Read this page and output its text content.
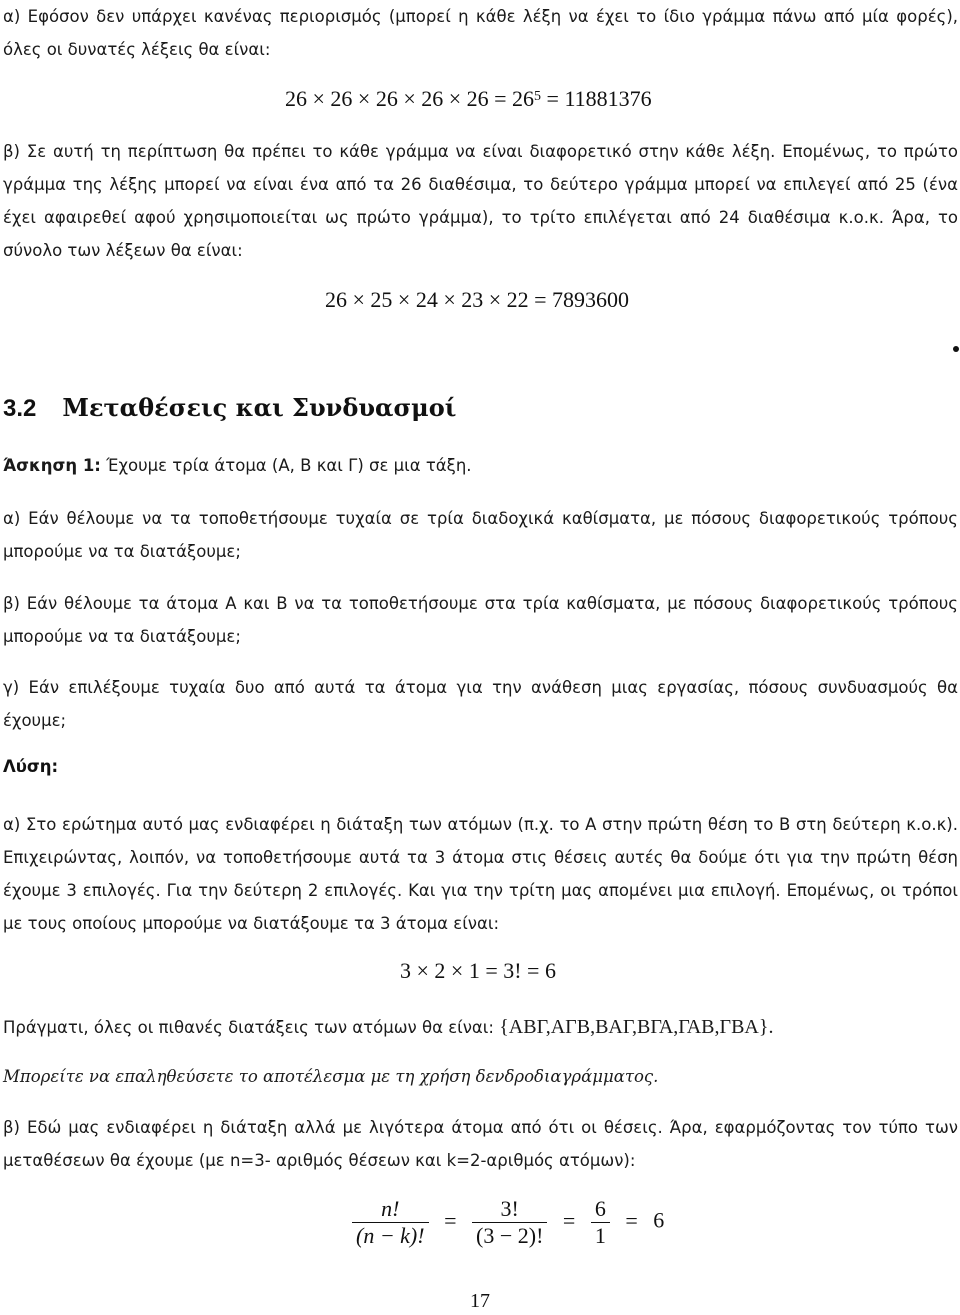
α) Εφόσον δεν υπάρχει κανένας περιορισμός (μπορεί η κάθε λέξη να έχει το ίδιο γράμμα πάνω από μία φορές), όλες οι δυνατές λέξεις θα είναι:

$26 \times 26 \times 26 \times 26 \times 26 = 26^5 = 11881376$

β) Σε αυτή τη περίπτωση θα πρέπει το κάθε γράμμα να είναι διαφορετικό στην κάθε λέξη. Επομένως, το πρώτο γράμμα της λέξης μπορεί να είναι ένα από τα 26 διαθέσιμα, το δεύτερο γράμμα μπορεί να επιλεγεί από 25 (ένα έχει αφαιρεθεί αφού χρησιμοποιείται ως πρώτο γράμμα), το τρίτο επιλέγεται από 24 διαθέσιμα κ.ο.κ. Άρα, το σύνολο των λέξεων θα είναι:

26 × 25 × 24 × 23 × 22 = 7893600
3.2 Μεταθέσεις και Συνδυασμοί

Άσκηση 1: Έχουμε τρία άτομα (Α, Β και Γ) σε μια τάξη.

α) Εάν θέλουμε να τα τοποθετήσουμε τυχαία σε τρία διαδοχικά καθίσματα, με πόσους διαφορετικούς τρόπους μπορούμε να τα διατάξουμε;

β) Εάν θέλουμε τα άτομα Α και Β να τα τοποθετήσουμε στα τρία καθίσματα, με πόσους διαφορετικούς τρόπους μπορούμε να τα διατάξουμε;

γ) Εάν επιλέξουμε τυχαία δυο από αυτά τα άτομα για την ανάθεση μιας εργασίας, πόσους συνδυασμούς θα έχουμε;

Λύση:

α) Στο ερώτημα αυτό μας ενδιαφέρει η διάταξη των ατόμων (π.χ. το Α στην πρώτη θέση το Β στη δεύτερη κ.ο.κ). Επιχειρώντας, λοιπόν, να τοποθετήσουμε αυτά τα 3 άτομα στις θέσεις αυτές θα δούμε ότι για την πρώτη θέση έχουμε 3 επιλογές. Για την δεύτερη 2 επιλογές. Και για την τρίτη μας απομένει μια επιλογή. Επομένως, οι τρόποι με τους οποίους μπορούμε να διατάξουμε τα 3 άτομα είναι:

3 × 2 × 1 = 3! = 6

Πράγματι, όλες οι πιθανές διατάξεις των ατόμων θα είναι: {ΑΒΓ,ΑΓΒ,ΒΑΓ,ΒΓΑ,ΓΑΒ,ΓΒΑ}.

Μπορείτε να επαληθεύσετε το αποτέλεσμα με τη χρήση δενδροδιαγράμματος.

β) Εδώ μας ενδιαφέρει η διάταξη αλλά με λιγότερα άτομα από ότι οι θέσεις. Άρα, εφαρμόζοντας τον τύπο των μεταθέσεων θα έχουμε (με n=3- αριθμός θέσεων και k=2-αριθμός ατόμων):

$\frac{n!}{(n - k)!} = \frac{3!}{(3 - 2)!} = \frac{6}{1} = 6$
17
